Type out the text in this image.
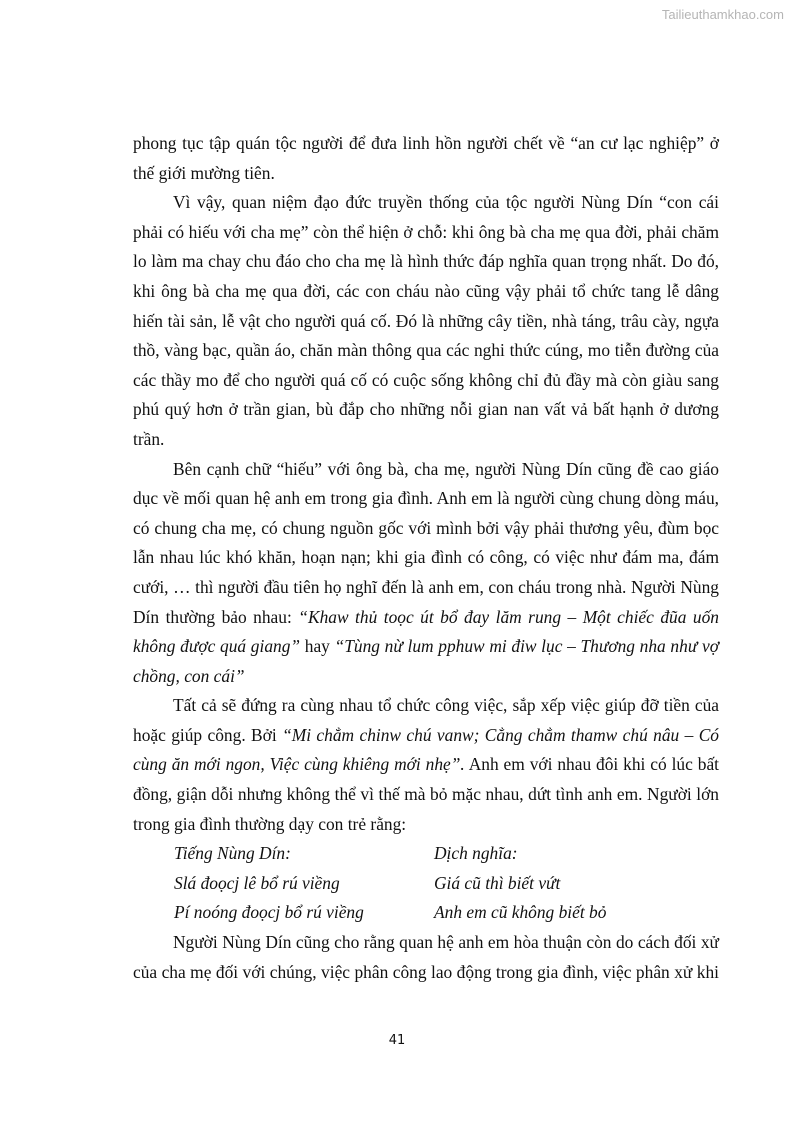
Tailieuthamkhao.com

phong tục tập quán tộc người để đưa linh hồn người chết về “an cư lạc nghiệp” ở thế giới mường tiên.

Vì vậy, quan niệm đạo đức truyền thống của tộc người Nùng Dín “con cái phải có hiếu với cha mẹ” còn thể hiện ở chỗ: khi ông bà cha mẹ qua đời, phải chăm lo làm ma chay chu đáo cho cha mẹ là hình thức đáp nghĩa quan trọng nhất. Do đó, khi ông bà cha mẹ qua đời, các con cháu nào cũng vậy phải tổ chức tang lễ dâng hiến tài sản, lễ vật cho người quá cố. Đó là những cây tiền, nhà táng, trâu cày, ngựa thồ, vàng bạc, quần áo, chăn màn thông qua các nghi thức cúng, mo tiễn đường của các thầy mo để cho người quá cố có cuộc sống không chỉ đủ đầy mà còn giàu sang phú quý hơn ở trần gian, bù đắp cho những nỗi gian nan vất vả bất hạnh ở dương trần.

Bên cạnh chữ “hiếu” với ông bà, cha mẹ, người Nùng Dín cũng đề cao giáo dục về mối quan hệ anh em trong gia đình. Anh em là người cùng chung dòng máu, có chung cha mẹ, có chung nguồn gốc với mình bởi vậy phải thương yêu, đùm bọc lẫn nhau lúc khó khăn, hoạn nạn; khi gia đình có công, có việc như đám ma, đám cưới, … thì người đầu tiên họ nghĩ đến là anh em, con cháu trong nhà. Người Nùng Dín thường bảo nhau: “Khaw thủ toọc út bổ đay lăm rung – Một chiếc đũa uốn không được quá giang” hay “Tùng nừ lum pphuw mi điw lục – Thương nha như vợ chồng, con cái”

Tất cả sẽ đứng ra cùng nhau tổ chức công việc, sắp xếp việc giúp đỡ tiền của hoặc giúp công. Bởi “Mi chẳm chinw chú vanw; Cẳng chẳm thamw chú nâu – Có cùng ăn mới ngon, Việc cùng khiêng mới nhẹ”. Anh em với nhau đôi khi có lúc bất đồng, giận dỗi nhưng không thể vì thế mà bỏ mặc nhau, dứt tình anh em. Người lớn trong gia đình thường dạy con trẻ rằng:

Tiếng Nùng Dín:	Dịch nghĩa:
Slá đoọcj lê bổ rú viềng	Giá cũ thì biết vứt
Pí noóng đoọcj bổ rú viềng	Anh em cũ không biết bỏ

Người Nùng Dín cũng cho rằng quan hệ anh em hòa thuận còn do cách đối xử của cha mẹ đối với chúng, việc phân công lao động trong gia đình, việc phân xử khi

41
